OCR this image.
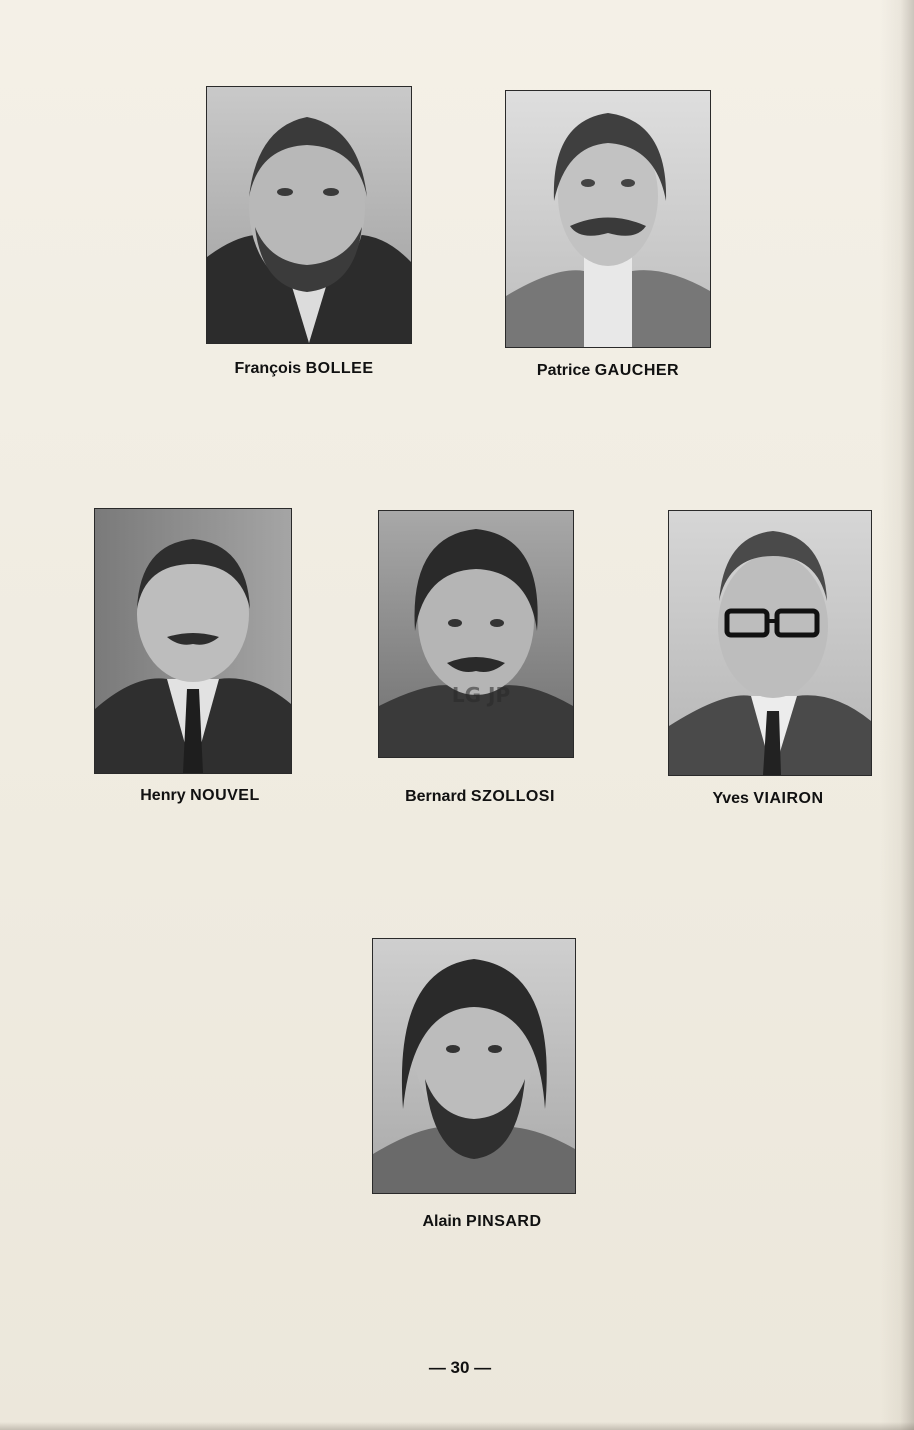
François BOLLEE	Patrice GAUCHER
Henry NOUVEL
LG JP
Bernard SZOLLOSI	Yves VIAIRON
Alain PINSARD
— 30 —
